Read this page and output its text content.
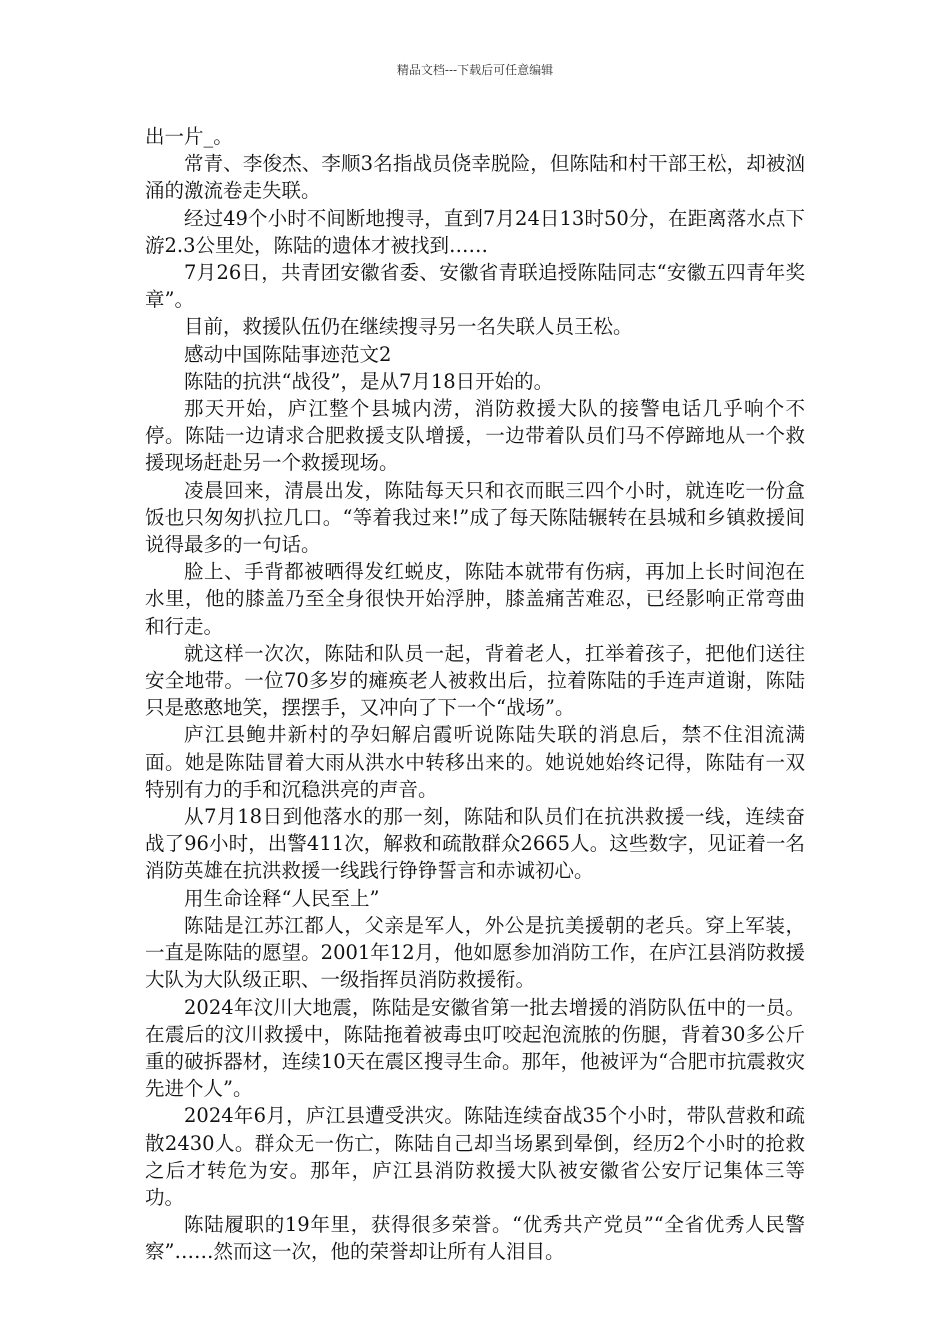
精品文档---下载后可任意编辑

出一片_。

常青、李俊杰、李顺3名指战员侥幸脱险，但陈陆和村干部王松，却被汹涌的激流卷走失联。

经过49个小时不间断地搜寻，直到7月24日13时50分，在距离落水点下游2.3公里处，陈陆的遗体才被找到……

7月26日，共青团安徽省委、安徽省青联追授陈陆同志“安徽五四青年奖章”。

目前，救援队伍仍在继续搜寻另一名失联人员王松。

感动中国陈陆事迹范文2

陈陆的抗洪“战役”，是从7月18日开始的。

那天开始，庐江整个县城内涝，消防救援大队的接警电话几乎响个不停。陈陆一边请求合肥救援支队增援，一边带着队员们马不停蹄地从一个救援现场赶赴另一个救援现场。

凌晨回来，清晨出发，陈陆每天只和衣而眠三四个小时，就连吃一份盒饭也只匆匆扒拉几口。“等着我过来!”成了每天陈陆辗转在县城和乡镇救援间说得最多的一句话。

脸上、手背都被晒得发红蜕皮，陈陆本就带有伤病，再加上长时间泡在水里，他的膝盖乃至全身很快开始浮肿，膝盖痛苦难忍，已经影响正常弯曲和行走。

就这样一次次，陈陆和队员一起，背着老人，扛举着孩子，把他们送往安全地带。一位70多岁的瘫痪老人被救出后，拉着陈陆的手连声道谢，陈陆只是憨憨地笑，摆摆手，又冲向了下一个“战场”。

庐江县鲍井新村的孕妇解启霞听说陈陆失联的消息后，禁不住泪流满面。她是陈陆冒着大雨从洪水中转移出来的。她说她始终记得，陈陆有一双特别有力的手和沉稳洪亮的声音。

从7月18日到他落水的那一刻，陈陆和队员们在抗洪救援一线，连续奋战了96小时，出警411次，解救和疏散群众2665人。这些数字，见证着一名消防英雄在抗洪救援一线践行铮铮誓言和赤诚初心。

用生命诠释“人民至上”

陈陆是江苏江都人，父亲是军人，外公是抗美援朝的老兵。穿上军装，一直是陈陆的愿望。2001年12月，他如愿参加消防工作，在庐江县消防救援大队为大队级正职、一级指挥员消防救援衔。

2024年汶川大地震，陈陆是安徽省第一批去增援的消防队伍中的一员。在震后的汶川救援中，陈陆拖着被毒虫叮咬起泡流脓的伤腿，背着30多公斤重的破拆器材，连续10天在震区搜寻生命。那年，他被评为“合肥市抗震救灾先进个人”。

2024年6月，庐江县遭受洪灾。陈陆连续奋战35个小时，带队营救和疏散2430人。群众无一伤亡，陈陆自己却当场累到晕倒，经历2个小时的抢救之后才转危为安。那年，庐江县消防救援大队被安徽省公安厅记集体三等功。

陈陆履职的19年里，获得很多荣誉。“优秀共产党员”“全省优秀人民警察”……然而这一次，他的荣誉却让所有人泪目。
